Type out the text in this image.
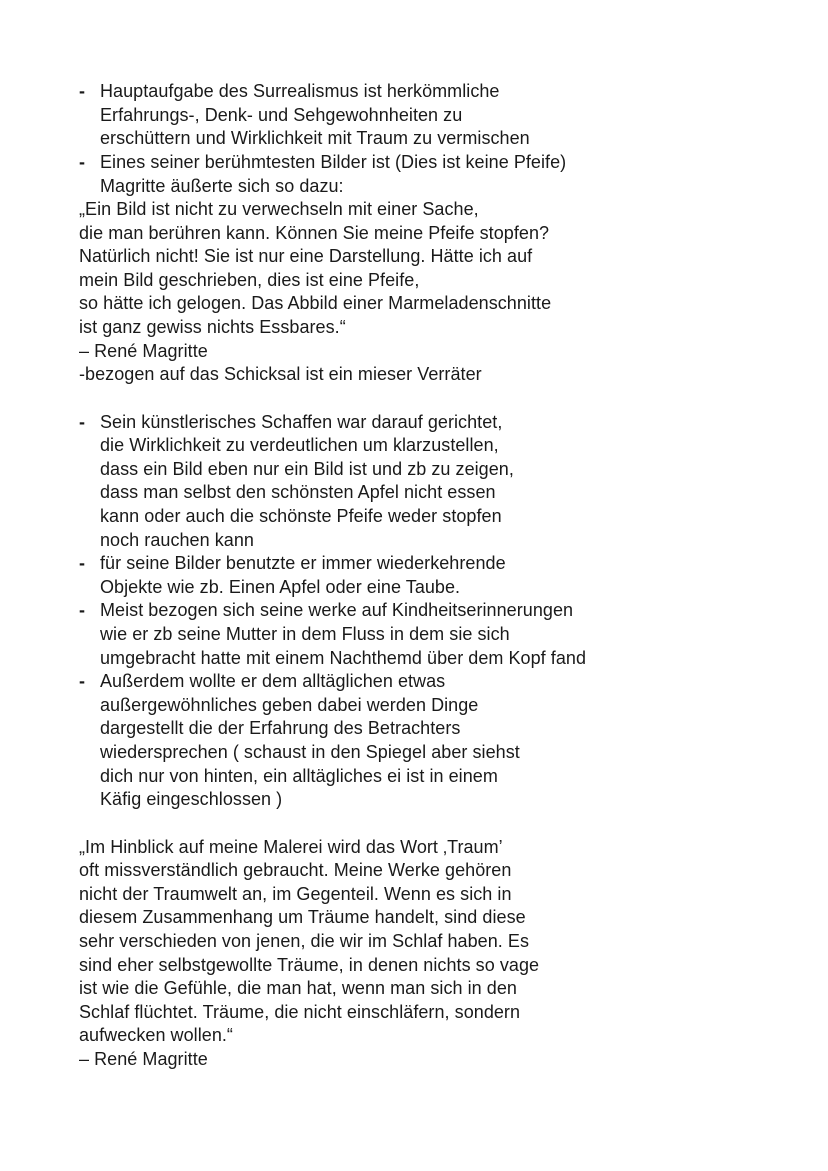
- Hauptaufgabe des Surrealismus ist herkömmliche
Erfahrungs-, Denk- und Sehgewohnheiten zu
erschüttern und Wirklichkeit mit Traum zu vermischen
- Eines seiner berühmtesten Bilder ist (Dies ist keine Pfeife)
Magritte äußerte sich so dazu:
„Ein Bild ist nicht zu verwechseln mit einer Sache,
die man berühren kann. Können Sie meine Pfeife stopfen?
Natürlich nicht! Sie ist nur eine Darstellung. Hätte ich auf
mein Bild geschrieben, dies ist eine Pfeife,
so hätte ich gelogen. Das Abbild einer Marmeladenschnitte
ist ganz gewiss nichts Essbares.“
– René Magritte
-bezogen auf das Schicksal ist ein mieser Verräter
- Sein künstlerisches Schaffen war darauf gerichtet,
die Wirklichkeit zu verdeutlichen um klarzustellen,
dass ein Bild eben nur ein Bild ist und zb zu zeigen,
dass man selbst den schönsten Apfel nicht essen
kann oder auch die schönste Pfeife weder stopfen
noch rauchen kann
- für seine Bilder benutzte er immer wiederkehrende
Objekte wie zb. Einen Apfel oder eine Taube.
- Meist bezogen sich seine werke auf Kindheitserinnerungen
wie er zb seine Mutter in dem Fluss in dem sie sich
umgebracht hatte mit einem Nachthemd über dem Kopf fand
- Außerdem wollte er dem alltäglichen etwas
außergewöhnliches geben dabei werden Dinge
dargestellt die der Erfahrung des Betrachters
wiedersprechen ( schaust in den Spiegel aber siehst
dich nur von hinten, ein alltägliches ei ist in einem
Käfig eingeschlossen )
„Im Hinblick auf meine Malerei wird das Wort ‚Traum’
oft missverständlich gebraucht. Meine Werke gehören
nicht der Traumwelt an, im Gegenteil. Wenn es sich in
diesem Zusammenhang um Träume handelt, sind diese
sehr verschieden von jenen, die wir im Schlaf haben. Es
sind eher selbstgewollte Träume, in denen nichts so vage
ist wie die Gefühle, die man hat, wenn man sich in den
Schlaf flüchtet. Träume, die nicht einschläfern, sondern
aufwecken wollen.“
– René Magritte
